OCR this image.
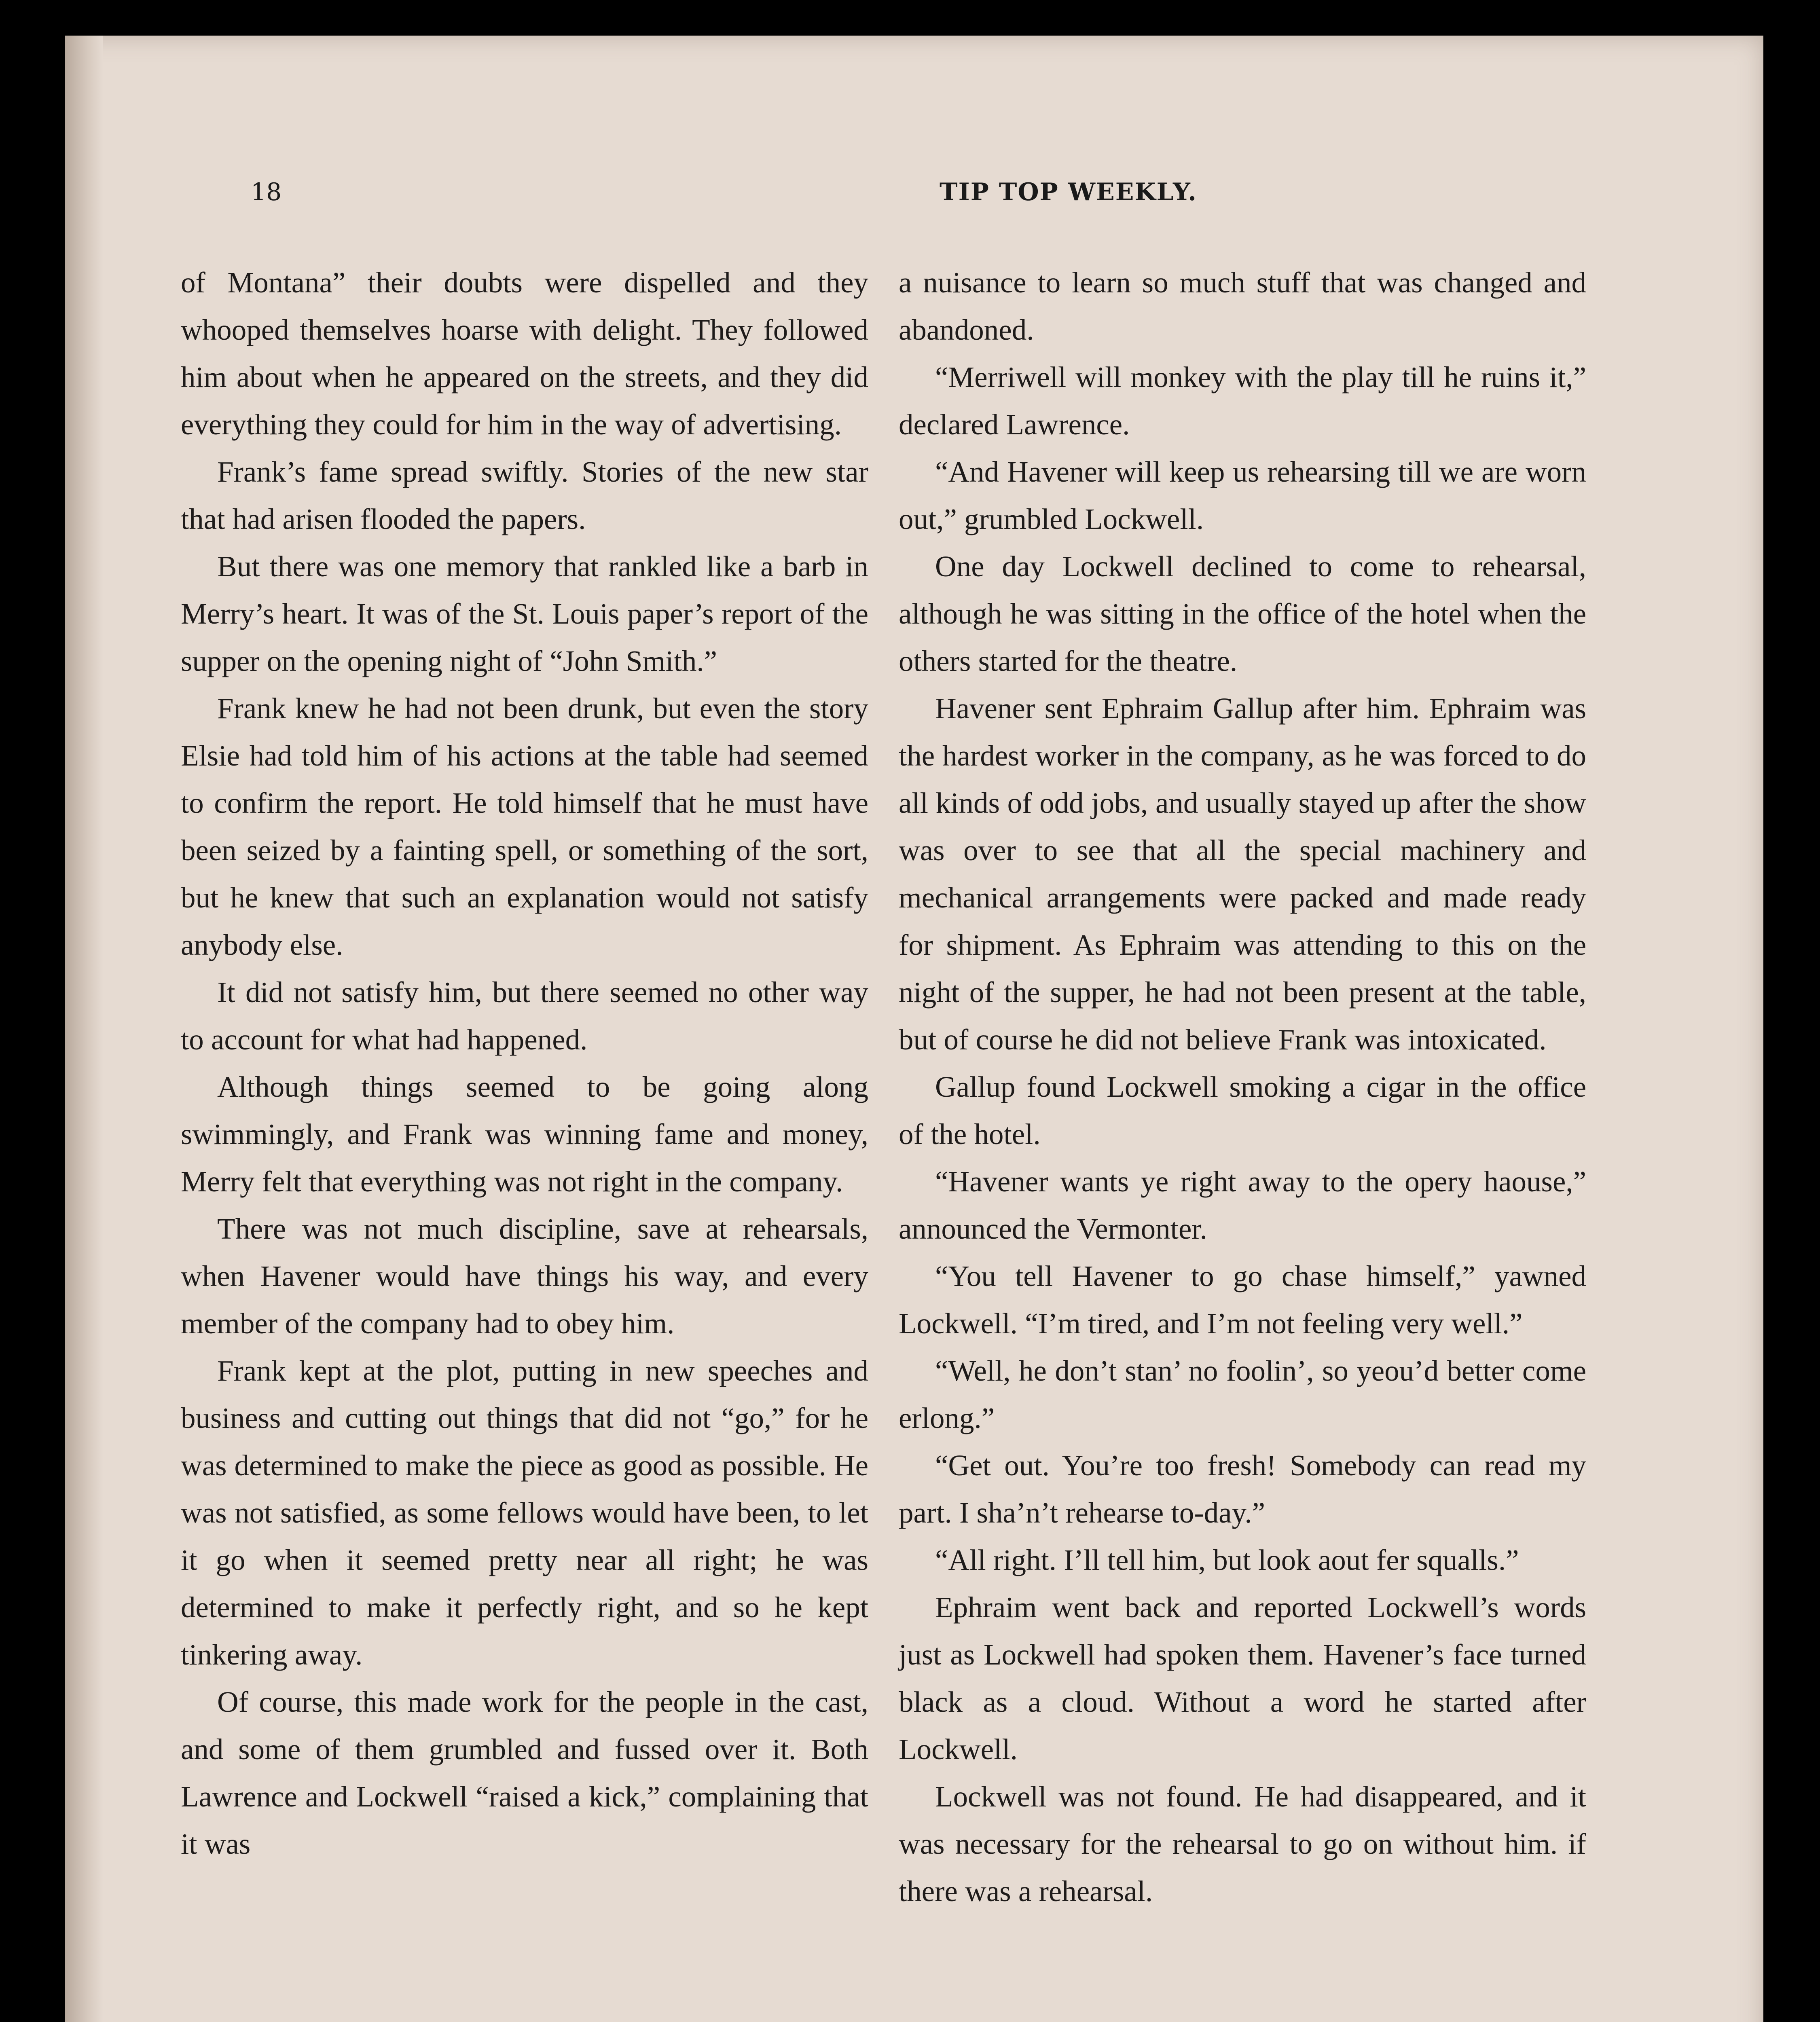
18	TIP TOP WEEKLY.

of Montana” their doubts were dispelled and they whooped themselves hoarse with delight. They followed him about when he appeared on the streets, and they did everything they could for him in the way of advertising.

Frank’s fame spread swiftly. Stories of the new star that had arisen flooded the papers.

But there was one memory that rankled like a barb in Merry’s heart. It was of the St. Louis paper’s report of the supper on the opening night of “John Smith.”

Frank knew he had not been drunk, but even the story Elsie had told him of his actions at the table had seemed to confirm the report. He told himself that he must have been seized by a fainting spell, or something of the sort, but he knew that such an explanation would not satisfy anybody else.

It did not satisfy him, but there seemed no other way to account for what had happened.

Although things seemed to be going along swimmingly, and Frank was winning fame and money, Merry felt that everything was not right in the company.

There was not much discipline, save at rehearsals, when Havener would have things his way, and every member of the company had to obey him.

Frank kept at the plot, putting in new speeches and business and cutting out things that did not “go,” for he was determined to make the piece as good as possible. He was not satisfied, as some fellows would have been, to let it go when it seemed pretty near all right; he was determined to make it perfectly right, and so he kept tinkering away.

Of course, this made work for the people in the cast, and some of them grumbled and fussed over it. Both Lawrence and Lockwell “raised a kick,” complaining that it was

a nuisance to learn so much stuff that was changed and abandoned.

“Merriwell will monkey with the play till he ruins it,” declared Lawrence.

“And Havener will keep us rehearsing till we are worn out,” grumbled Lockwell.

One day Lockwell declined to come to rehearsal, although he was sitting in the office of the hotel when the others started for the theatre.

Havener sent Ephraim Gallup after him. Ephraim was the hardest worker in the company, as he was forced to do all kinds of odd jobs, and usually stayed up after the show was over to see that all the special machinery and mechanical arrangements were packed and made ready for shipment. As Ephraim was attending to this on the night of the supper, he had not been present at the table, but of course he did not believe Frank was intoxicated.

Gallup found Lockwell smoking a cigar in the office of the hotel.

“Havener wants ye right away to the opery haouse,” announced the Vermonter.

“You tell Havener to go chase himself,” yawned Lockwell. “I’m tired, and I’m not feeling very well.”

“Well, he don’t stan’ no foolin’, so yeou’d better come erlong.”

“Get out. You’re too fresh! Somebody can read my part. I sha’n’t rehearse to-day.”

“All right. I’ll tell him, but look aout fer squalls.”

Ephraim went back and reported Lockwell’s words just as Lockwell had spoken them. Havener’s face turned black as a cloud. Without a word he started after Lockwell.

Lockwell was not found. He had disappeared, and it was necessary for the rehearsal to go on without him. if there was a rehearsal.
